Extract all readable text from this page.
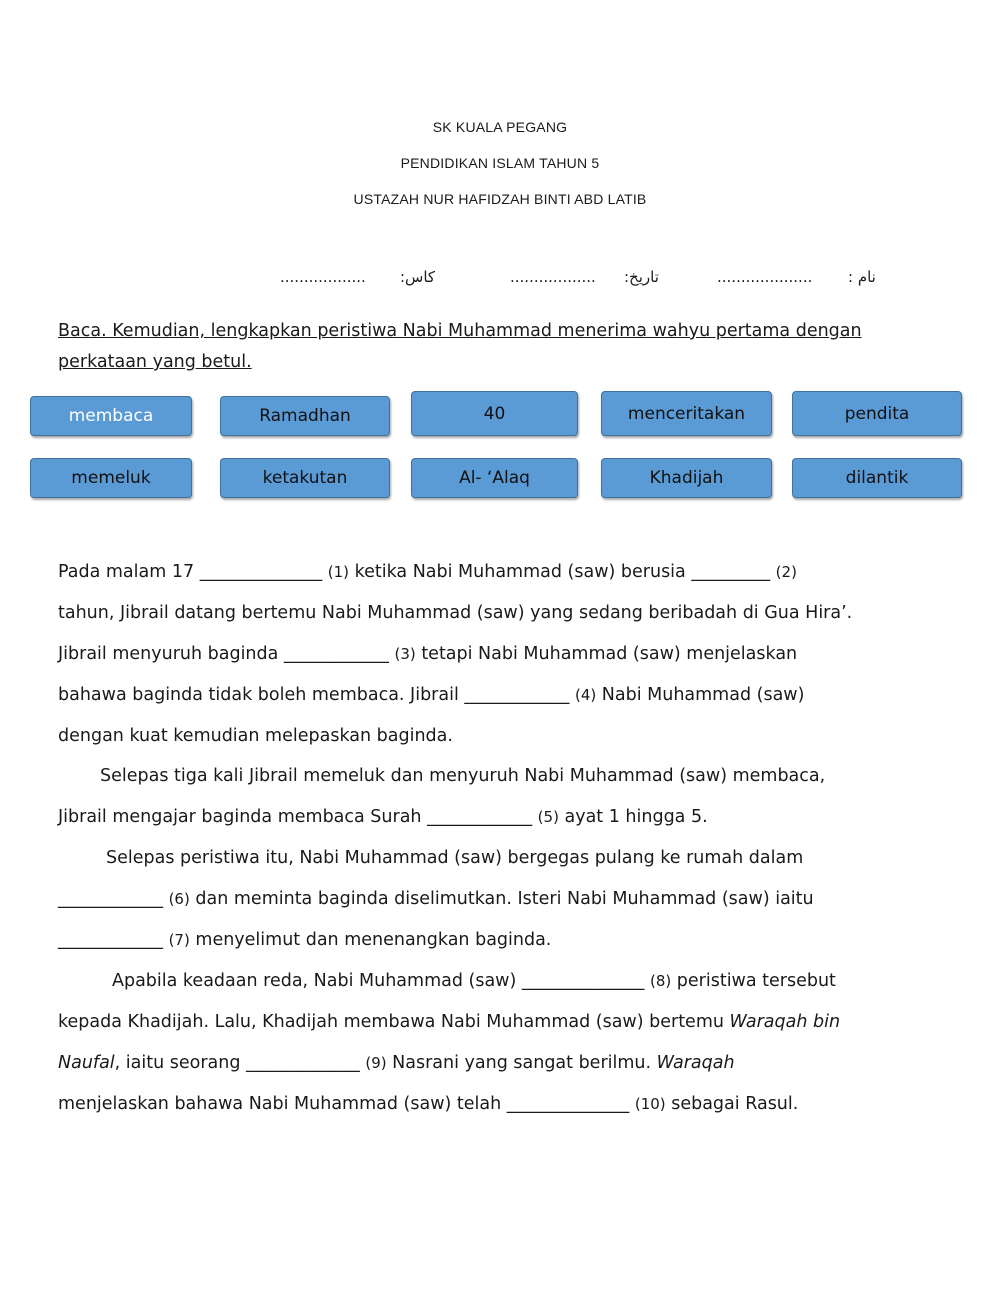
SK KUALA PEGANG
PENDIDIKAN ISLAM TAHUN 5
USTAZAH NUR HAFIDZAH BINTI ABD LATIB
.................. كاس:	.................. تاريخ:	.................... نام :
Baca. Kemudian, lengkapkan peristiwa Nabi Muhammad menerima wahyu pertama dengan perkataan yang betul.
membaca	Ramadhan	40	menceritakan	pendita
memeluk	ketakutan	Al- ‘Alaq	Khadijah	dilantik
Pada malam 17 ______________ (1) ketika Nabi Muhammad (saw) berusia _________ (2)
tahun, Jibrail datang bertemu Nabi Muhammad (saw) yang sedang beribadah di Gua Hira’.
Jibrail menyuruh baginda ____________ (3) tetapi Nabi Muhammad (saw) menjelaskan
bahawa baginda tidak boleh membaca. Jibrail ____________ (4) Nabi Muhammad (saw)
dengan kuat kemudian melepaskan baginda.
Selepas tiga kali Jibrail memeluk dan menyuruh Nabi Muhammad (saw) membaca,
Jibrail mengajar baginda membaca Surah ____________ (5) ayat 1 hingga 5.
Selepas peristiwa itu, Nabi Muhammad (saw) bergegas pulang ke rumah dalam
____________ (6) dan meminta baginda diselimutkan. Isteri Nabi Muhammad (saw) iaitu
____________ (7) menyelimut dan menenangkan baginda.
Apabila keadaan reda, Nabi Muhammad (saw) ______________ (8) peristiwa tersebut
kepada Khadijah. Lalu, Khadijah membawa Nabi Muhammad (saw) bertemu Waraqah bin
Naufal, iaitu seorang _____________ (9) Nasrani yang sangat berilmu. Waraqah
menjelaskan bahawa Nabi Muhammad (saw) telah ______________ (10) sebagai Rasul.
